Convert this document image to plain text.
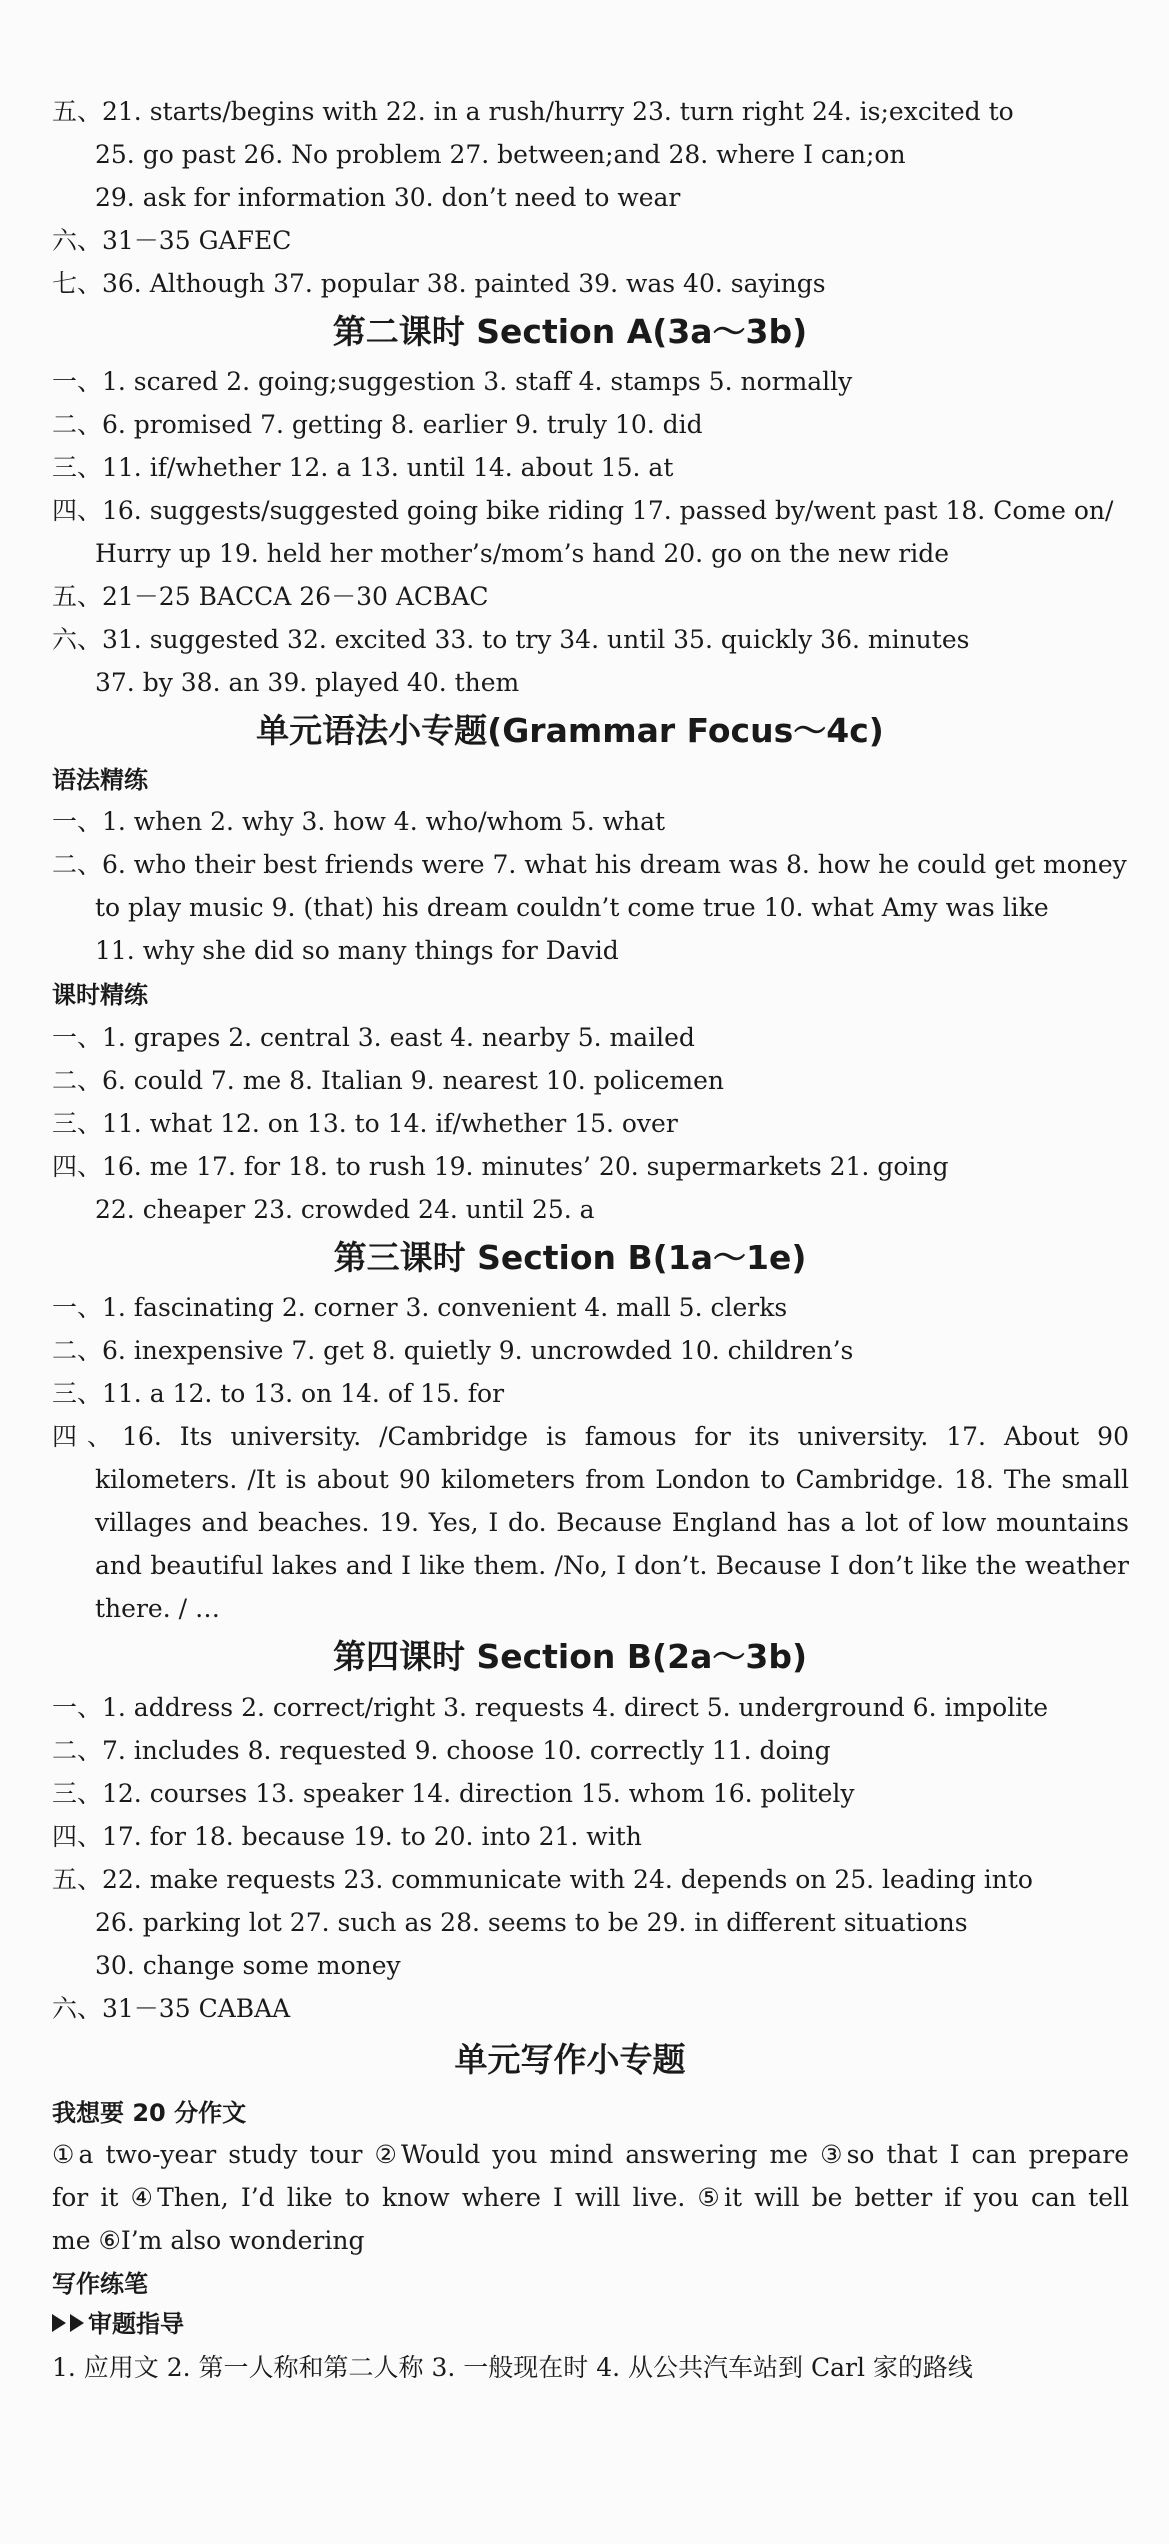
五、21. starts/begins with 22. in a rush/hurry 23. turn right 24. is;excited to
25. go past 26. No problem 27. between;and 28. where I can;on
29. ask for information 30. don’t need to wear
六、31－35 GAFEC
七、36. Although 37. popular 38. painted 39. was 40. sayings
第二课时 Section A(3a～3b)
一、1. scared 2. going;suggestion 3. staff 4. stamps 5. normally
二、6. promised 7. getting 8. earlier 9. truly 10. did
三、11. if/whether 12. a 13. until 14. about 15. at
四、16. suggests/suggested going bike riding 17. passed by/went past 18. Come on/
Hurry up 19. held her mother’s/mom’s hand 20. go on the new ride
五、21－25 BACCA 26－30 ACBAC
六、31. suggested 32. excited 33. to try 34. until 35. quickly 36. minutes
37. by 38. an 39. played 40. them
单元语法小专题(Grammar Focus～4c)
语法精练
一、1. when 2. why 3. how 4. who/whom 5. what
二、6. who their best friends were 7. what his dream was 8. how he could get money
to play music 9. (that) his dream couldn’t come true 10. what Amy was like
11. why she did so many things for David
课时精练
一、1. grapes 2. central 3. east 4. nearby 5. mailed
二、6. could 7. me 8. Italian 9. nearest 10. policemen
三、11. what 12. on 13. to 14. if/whether 15. over
四、16. me 17. for 18. to rush 19. minutes’ 20. supermarkets 21. going
22. cheaper 23. crowded 24. until 25. a
第三课时 Section B(1a～1e)
一、1. fascinating 2. corner 3. convenient 4. mall 5. clerks
二、6. inexpensive 7. get 8. quietly 9. uncrowded 10. children’s
三、11. a 12. to 13. on 14. of 15. for
四、16. Its university. /Cambridge is famous for its university. 17. About 90
kilometers. /It is about 90 kilometers from London to Cambridge. 18. The small
villages and beaches. 19. Yes, I do. Because England has a lot of low mountains
and beautiful lakes and I like them. /No, I don’t. Because I don’t like the weather
there. / …
第四课时 Section B(2a～3b)
一、1. address 2. correct/right 3. requests 4. direct 5. underground 6. impolite
二、7. includes 8. requested 9. choose 10. correctly 11. doing
三、12. courses 13. speaker 14. direction 15. whom 16. politely
四、17. for 18. because 19. to 20. into 21. with
五、22. make requests 23. communicate with 24. depends on 25. leading into
26. parking lot 27. such as 28. seems to be 29. in different situations
30. change some money
六、31－35 CABAA
单元写作小专题
我想要 20 分作文
①a two-year study tour ②Would you mind answering me ③so that I can prepare
for it ④Then, I’d like to know where I will live. ⑤it will be better if you can tell
me ⑥I’m also wondering
写作练笔
审题指导
1. 应用文 2. 第一人称和第二人称 3. 一般现在时 4. 从公共汽车站到 Carl 家的路线
